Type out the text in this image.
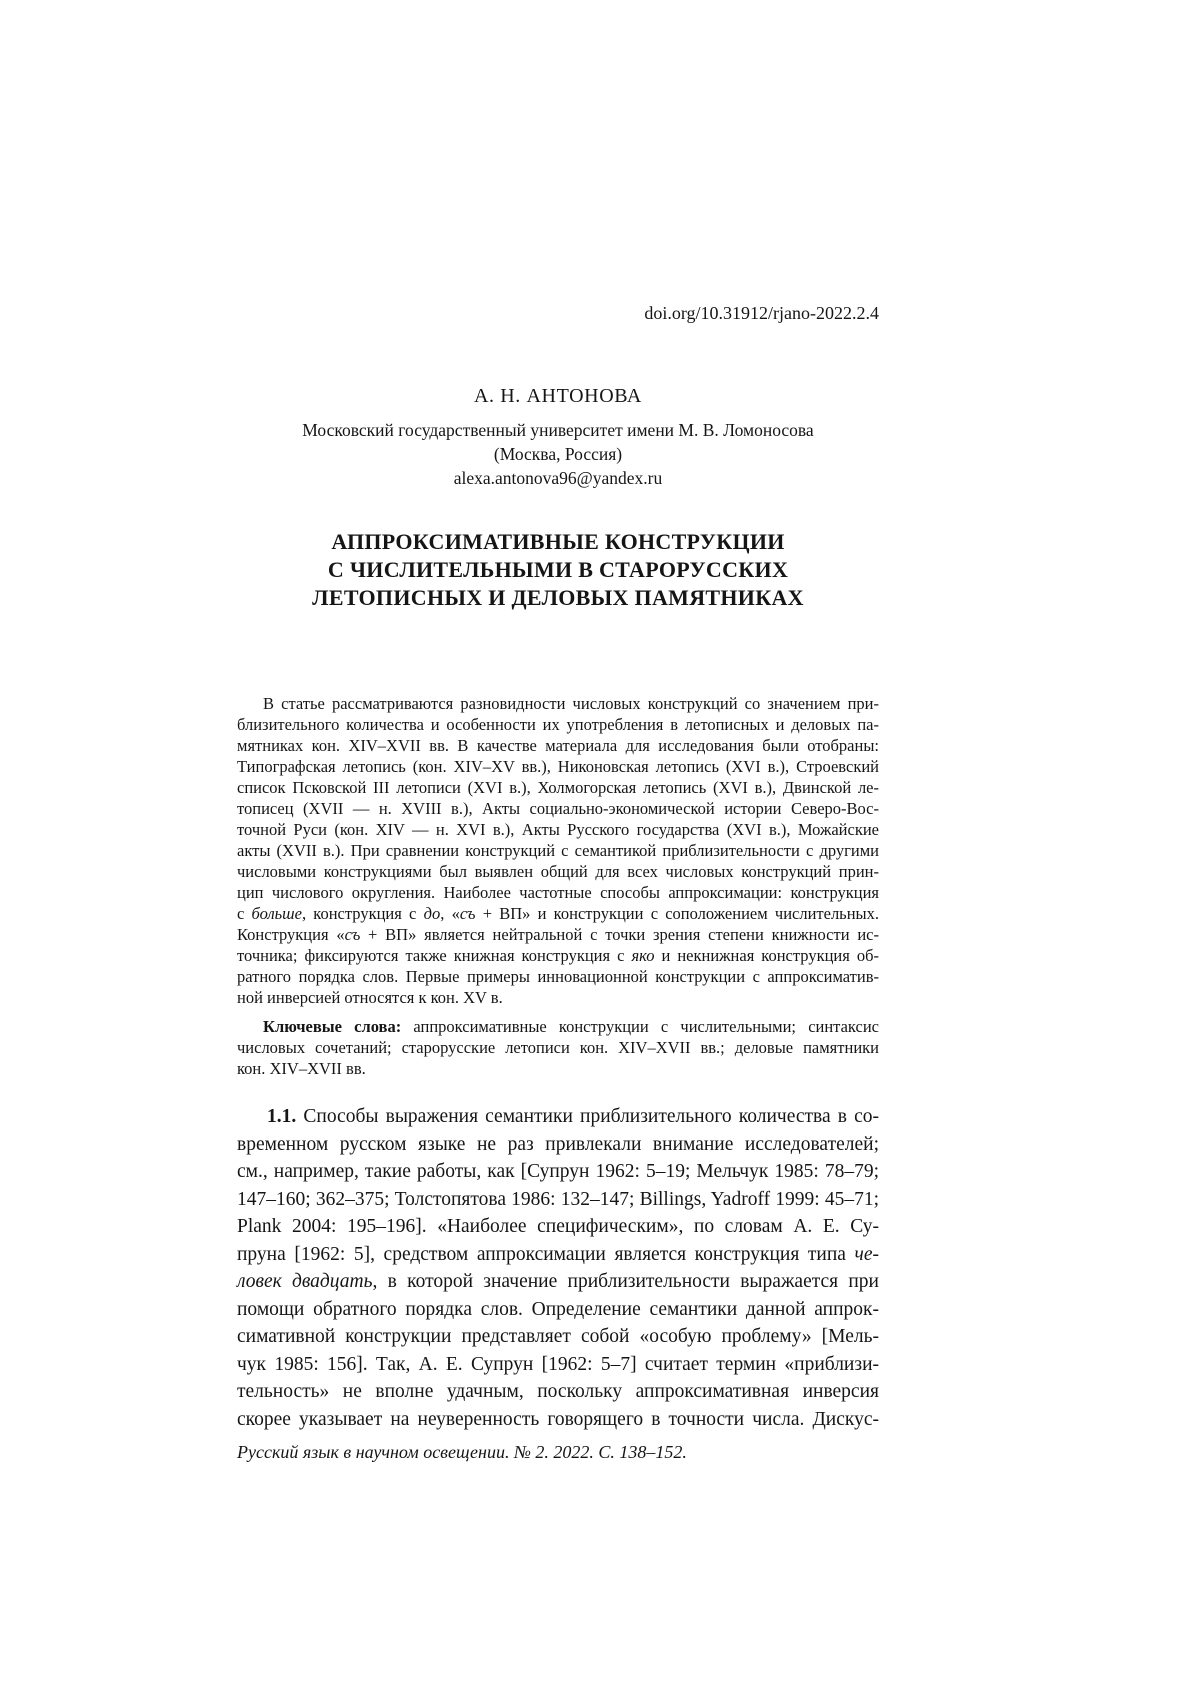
doi.org/10.31912/rjano-2022.2.4
А. Н. АНТОНОВА
Московский государственный университет имени М. В. Ломоносова
(Москва, Россия)
alexa.antonova96@yandex.ru
АППРОКСИМАТИВНЫЕ КОНСТРУКЦИИ
С ЧИСЛИТЕЛЬНЫМИ В СТАРОРУССКИХ
ЛЕТОПИСНЫХ И ДЕЛОВЫХ ПАМЯТНИКАХ
В статье рассматриваются разновидности числовых конструкций со значением при-
близительного количества и особенности их употребления в летописных и деловых па-
мятниках кон. XIV–XVII вв. В качестве материала для исследования были отобраны:
Типографская летопись (кон. XIV–XV вв.), Никоновская летопись (XVI в.), Строевский
список Псковской III летописи (XVI в.), Холмогорская летопись (XVI в.), Двинской ле-
тописец (XVII — н. XVIII в.), Акты социально-экономической истории Северо-Вос-
точной Руси (кон. XIV — н. XVI в.), Акты Русского государства (XVI в.), Можайские
акты (XVII в.). При сравнении конструкций с семантикой приблизительности с другими
числовыми конструкциями был выявлен общий для всех числовых конструкций прин-
цип числового округления. Наиболее частотные способы аппроксимации: конструкция
с больше, конструкция с до, «съ + ВП» и конструкции с соположением числительных.
Конструкция «съ + ВП» является нейтральной с точки зрения степени книжности ис-
точника; фиксируются также книжная конструкция с яко и некнижная конструкция об-
ратного порядка слов. Первые примеры инновационной конструкции с аппроксиматив-
ной инверсией относятся к кон. XV в.
Ключевые слова: аппроксимативные конструкции с числительными; синтаксис
числовых сочетаний; старорусские летописи кон. XIV–XVII вв.; деловые памятники
кон. XIV–XVII вв.
1.1. Способы выражения семантики приблизительного количества в со-
временном русском языке не раз привлекали внимание исследователей;
см., например, такие работы, как [Супрун 1962: 5–19; Мельчук 1985: 78–79;
147–160; 362–375; Толстопятова 1986: 132–147; Billings, Yadroff 1999: 45–71;
Plank 2004: 195–196]. «Наиболее специфическим», по словам А. Е. Су-
пруна [1962: 5], средством аппроксимации является конструкция типа че-
ловек двадцать, в которой значение приблизительности выражается при
помощи обратного порядка слов. Определение семантики данной аппрок-
симативной конструкции представляет собой «особую проблему» [Мель-
чук 1985: 156]. Так, А. Е. Супрун [1962: 5–7] считает термин «приблизи-
тельность» не вполне удачным, поскольку аппроксимативная инверсия
скорее указывает на неуверенность говорящего в точности числа. Дискус-
Русский язык в научном освещении. № 2. 2022. С. 138–152.
